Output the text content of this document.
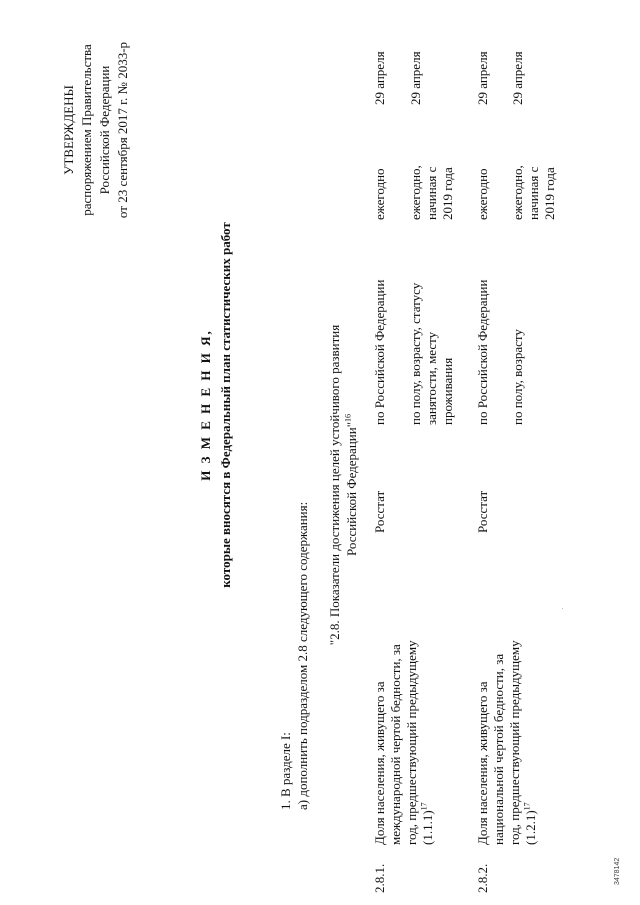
УТВЕРЖДЕНЫ распоряжением Правительства Российской Федерации от 23 сентября 2017 г. № 2033-р
И З М Е Н Е Н И Я, которые вносятся в Федеральный план статистических работ
1. В разделе I: а) дополнить подразделом 2.8 следующего содержания:
"2.8. Показатели достижения целей устойчивого развития Российской Федерации"$^{16}$
2.8.1.
Доля населения, живущего за международной чертой бедности, за год, предшествующий предыдущему $(1.1.1)^{17}$
Росстат
по Российской Федерации
ежегодно
29 апреля
по полу, возрасту, статусу занятости, месту проживания
ежегодно, начиная с 2019 года
29 апреля
2.8.2.
Доля населения, живущего за национальной чертой бедности, за год, предшествующий предыдущему $(1.2.1)^{17}$
Росстат
по Российской Федерации
ежегодно
29 апреля
по полу, возрасту
ежегодно, начиная с 2019 года
29 апреля
3478142
